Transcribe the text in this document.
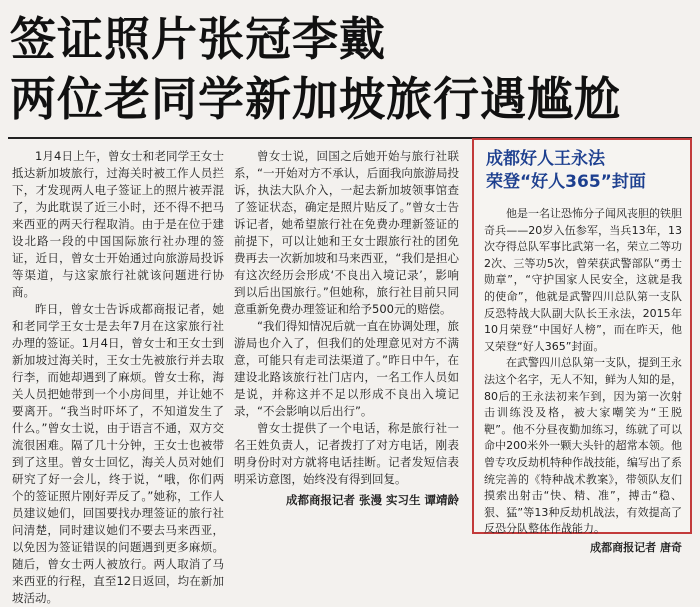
签证照片张冠李戴
两位老同学新加坡旅行遇尴尬

1月4日上午，曾女士和老同学王女士抵达新加坡旅行，过海关时被工作人员拦下，才发现两人电子签证上的照片被弄混了，为此耽误了近三小时，还不得不把马来西亚的两天行程取消。由于是在位于建设北路一段的中国国际旅行社办理的签证，近日，曾女士开始通过向旅游局投诉等渠道，与这家旅行社就该问题进行协商。

昨日，曾女士告诉成都商报记者，她和老同学王女士是去年7月在这家旅行社办理的签证。1月4日，曾女士和王女士到新加坡过海关时，王女士先被旅行并去取行李，而她却遇到了麻烦。曾女士称，海关人员把她带到一个小房间里，并让她不要离开。“我当时吓坏了，不知道发生了什么。”曾女士说，由于语言不通，双方交流很困难。隔了几十分钟，王女士也被带到了这里。曾女士回忆，海关人员对她们研究了好一会儿，终于说，“哦，你们两个的签证照片刚好弄反了。”她称，工作人员建议她们，回国要找办理签证的旅行社问清楚，同时建议她们不要去马来西亚，以免因为签证错误的问题遇到更多麻烦。随后，曾女士两人被放行。两人取消了马来西亚的行程，直至12日返回，均在新加坡活动。

曾女士说，回国之后她开始与旅行社联系，“一开始对方不承认，后面我向旅游局投诉，执法大队介入，一起去新加坡领事馆查了签证状态，确定是照片贴反了。”曾女士告诉记者，她希望旅行社在免费办理新签证的前提下，可以让她和王女士跟旅行社的团免费再去一次新加坡和马来西亚，“我们是担心有这次经历会形成‘不良出入境记录’，影响到以后出国旅行。”但她称，旅行社目前只同意重新免费办理签证和给予500元的赔偿。

“我们得知情况后就一直在协调处理，旅游局也介入了，但我们的处理意见对方不满意，可能只有走司法渠道了。”昨日中午，在建设北路该旅行社门店内，一名工作人员如是说，并称这并不足以形成不良出入境记录，“不会影响以后出行”。

曾女士提供了一个电话，称是旅行社一名王姓负责人，记者拨打了对方电话，刚表明身份时对方就将电话挂断。记者发短信表明采访意图，始终没有得到回复。

成都商报记者 张漫 实习生 谭靖龄

成都好人王永法
荣登“好人365”封面

他是一名让恐怖分子闻风丧胆的铁胆奇兵——20岁入伍参军，当兵13年，13次夺得总队军事比武第一名，荣立二等功2次、三等功5次，曾荣获武警部队“勇士勋章”，“守护国家人民安全，这就是我的使命”，他就是武警四川总队第一支队反恐特战大队副大队长王永法，2015年10月荣登“中国好人榜”，而在昨天，他又荣登“好人365”封面。

在武警四川总队第一支队，提到王永法这个名字，无人不知，鲜为人知的是，80后的王永法初来乍到，因为第一次射击训练没及格，被大家嘲笑为“王脱靶”。他不分昼夜勤加练习，练就了可以命中200米外一颗大头针的超常本领。他曾专攻反劫机特种作战技能，编写出了系统完善的《特种战术教案》，带领队友们摸索出射击“快、精、准”，搏击“稳、狠、猛”等13种反劫机战法，有效提高了反恐分队整体作战能力。

成都商报记者 唐奇
